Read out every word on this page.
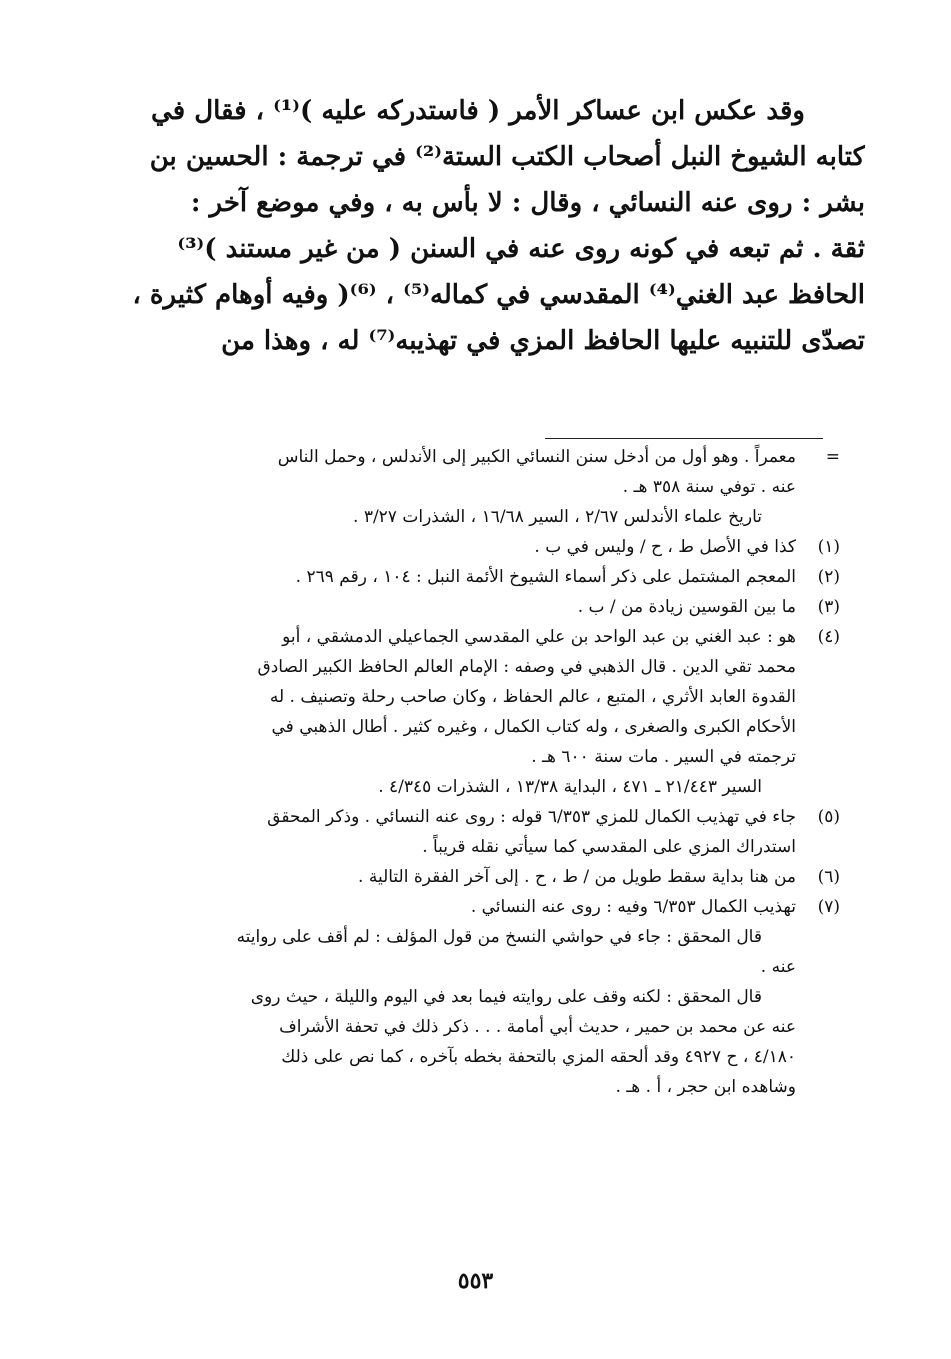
وقد عكس ابن عساكر الأمر ( فاستدركه عليه )⁽¹⁾ ، فقال في
كتابه الشيوخ النبل أصحاب الكتب الستة⁽²⁾ في ترجمة : الحسين بن
بشر : روى عنه النسائي ، وقال : لا بأس به ، وفي موضع آخر :
ثقة . ثم تبعه في كونه روى عنه في السنن ( من غير مستند )⁽³⁾
الحافظ عبد الغني⁽⁴⁾ المقدسي في كماله⁽⁵⁾ ، ⁽⁶⁾( وفيه أوهام كثيرة ،
تصدّى للتنبيه عليها الحافظ المزي في تهذيبه⁽⁷⁾ له ، وهذا من
=
معمراً . وهو أول من أدخل سنن النسائي الكبير إلى الأندلس ، وحمل الناس
عنه . توفي سنة ٣٥٨ هـ .
تاريخ علماء الأندلس ٢/٦٧ ، السير ١٦/٦٨ ، الشذرات ٣/٢٧ .
(١)
كذا في الأصل ط ، ح / وليس في ب .
(٢)
المعجم المشتمل على ذكر أسماء الشيوخ الأئمة النبل : ١٠٤ ، رقم ٢٦٩ .
(٣)
ما بين القوسين زيادة من / ب .
(٤)
هو : عبد الغني بن عبد الواحد بن علي المقدسي الجماعيلي الدمشقي ، أبو
محمد تقي الدين . قال الذهبي في وصفه : الإمام العالم الحافظ الكبير الصادق
القدوة العابد الأثري ، المتبع ، عالم الحفاظ ، وكان صاحب رحلة وتصنيف . له
الأحكام الكبرى والصغرى ، وله كتاب الكمال ، وغيره كثير . أطال الذهبي في
ترجمته في السير . مات سنة ٦٠٠ هـ .
السير ٢١/٤٤٣ ـ ٤٧١ ، البداية ١٣/٣٨ ، الشذرات ٤/٣٤٥ .
(٥)
جاء في تهذيب الكمال للمزي ٦/٣٥٣ قوله : روى عنه النسائي . وذكر المحقق
استدراك المزي على المقدسي كما سيأتي نقله قريباً .
(٦)
من هنا بداية سقط طويل من / ط ، ح . إلى آخر الفقرة التالية .
(٧)
تهذيب الكمال ٦/٣٥٣ وفيه : روى عنه النسائي .
قال المحقق : جاء في حواشي النسخ من قول المؤلف : لم أقف على روايته
عنه .
قال المحقق : لكنه وقف على روايته فيما بعد في اليوم والليلة ، حيث روى
عنه عن محمد بن حمير ، حديث أبي أمامة . . . ذكر ذلك في تحفة الأشراف
٤/١٨٠ ، ح ٤٩٢٧ وقد ألحقه المزي بالتحفة بخطه بآخره ، كما نص على ذلك
وشاهده ابن حجر ، أ . هـ .
٥٥٣
